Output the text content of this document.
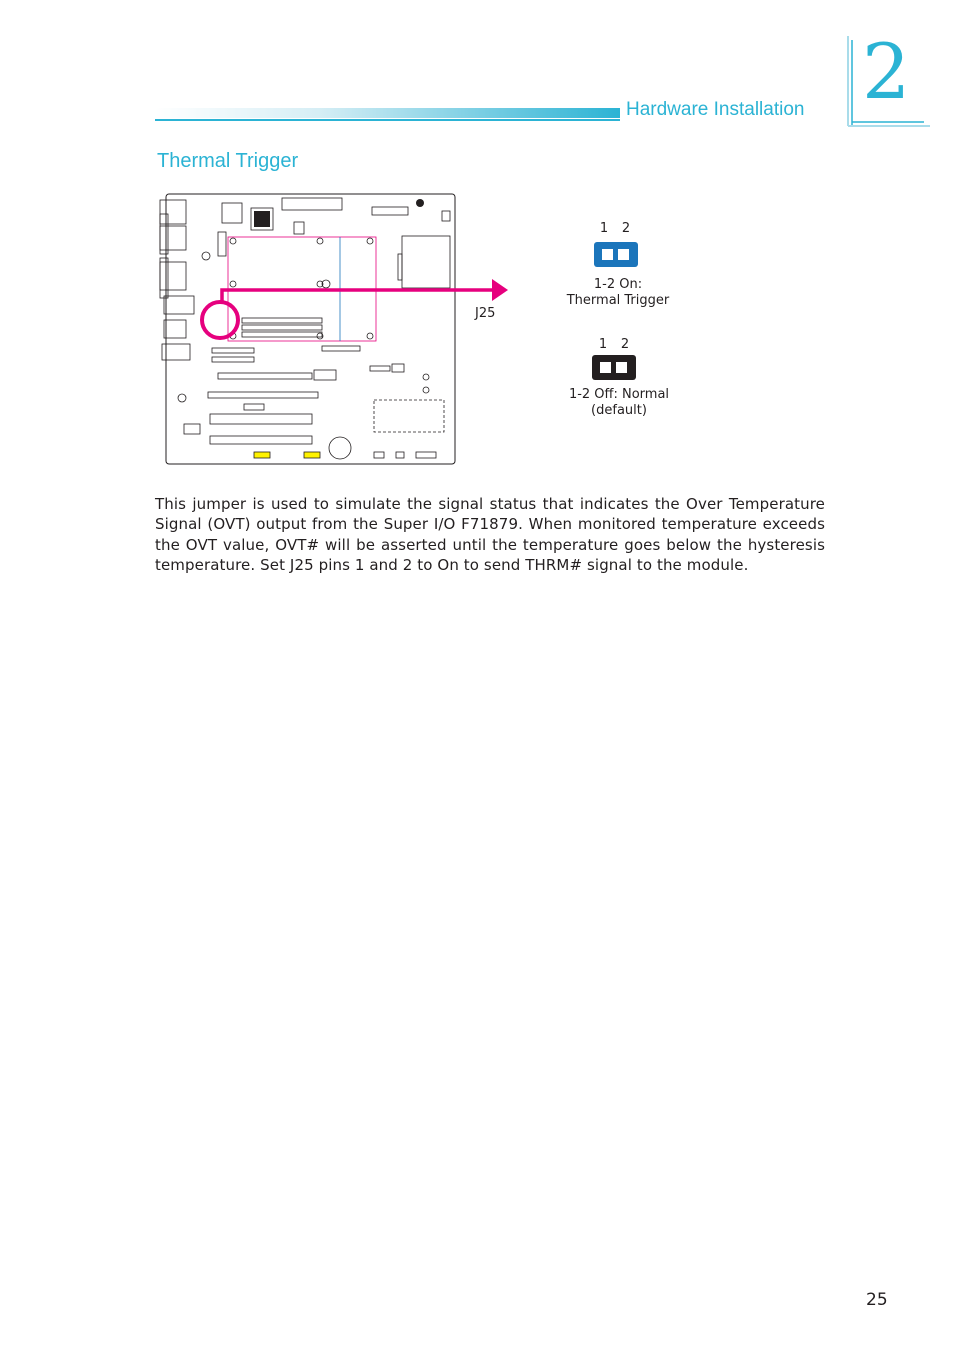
Hardware Installation 2
Thermal Trigger
J25
1 2
1-2 On:
Thermal Trigger
1 2
1-2 Off: Normal
(default)
This jumper is used to simulate the signal status that indicates the Over Temperature Signal (OVT) output from the Super I/O F71879. When monitored temperature exceeds the OVT value, OVT# will be asserted until the temperature goes below the hysteresis temperature. Set J25 pins 1 and 2 to On to send THRM# signal to the module.
25
